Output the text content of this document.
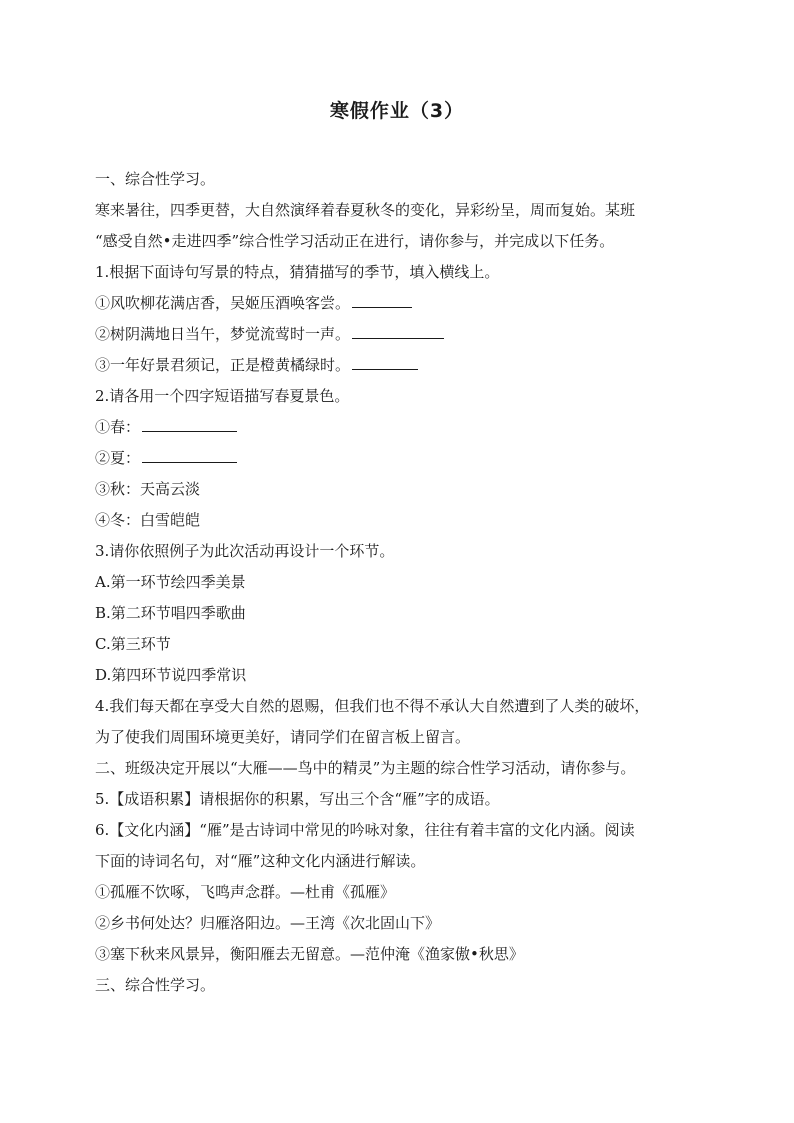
寒假作业（3）
一、综合性学习。
寒来暑往，四季更替，大自然演绎着春夏秋冬的变化，异彩纷呈，周而复始。某班
“感受自然•走进四季”综合性学习活动正在进行，请你参与，并完成以下任务。
1.根据下面诗句写景的特点，猜猜描写的季节，填入横线上。
①风吹柳花满店香，吴姬压酒唤客尝。
②树阴满地日当午，梦觉流莺时一声。
③一年好景君须记，正是橙黄橘绿时。
2.请各用一个四字短语描写春夏景色。
①春：
②夏：
③秋：天高云淡
④冬：白雪皑皑
3.请你依照例子为此次活动再设计一个环节。
A.第一环节绘四季美景
B.第二环节唱四季歌曲
C.第三环节
D.第四环节说四季常识
4.我们每天都在享受大自然的恩赐，但我们也不得不承认大自然遭到了人类的破坏，
为了使我们周围环境更美好，请同学们在留言板上留言。
二、班级决定开展以“大雁——鸟中的精灵”为主题的综合性学习活动，请你参与。
5.【成语积累】请根据你的积累，写出三个含“雁”字的成语。
6.【文化内涵】“雁”是古诗词中常见的吟咏对象，往往有着丰富的文化内涵。阅读
下面的诗词名句，对“雁”这种文化内涵进行解读。
①孤雁不饮啄，飞鸣声念群。—杜甫《孤雁》
②乡书何处达？归雁洛阳边。—王湾《次北固山下》
③塞下秋来风景异，衡阳雁去无留意。—范仲淹《渔家傲•秋思》
三、综合性学习。
